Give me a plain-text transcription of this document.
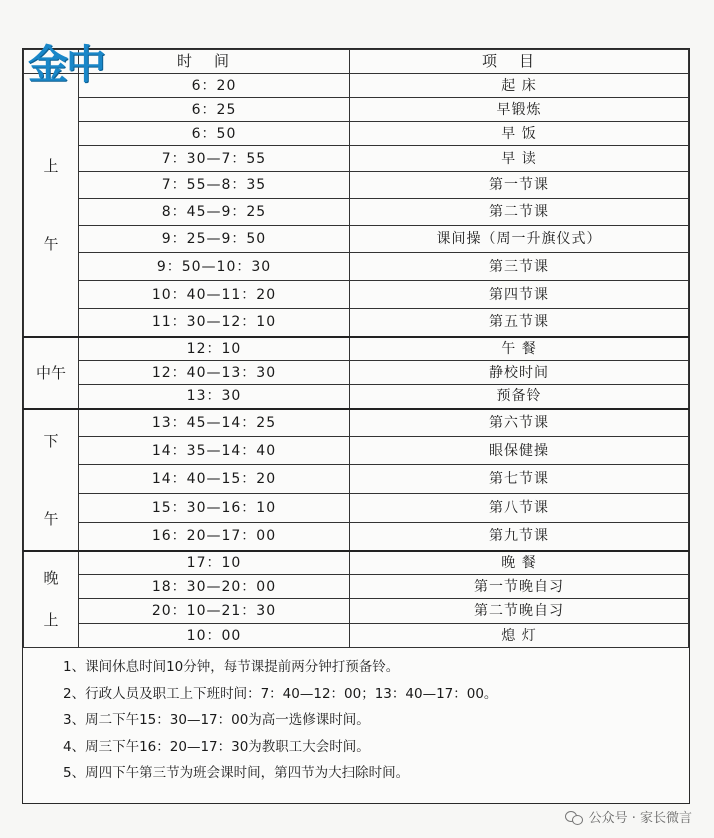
	时间	项目

上
午	6：20	起 床
	6：25	早锻炼
	6：50	早 饭
	7：30—7：55	早 读
	7：55—8：35	第一节课
	8：45—9：25	第二节课
	9：25—9：50	课间操（周一升旗仪式）
	9：50—10：30	第三节课
	10：40—11：20	第四节课
	11：30—12：10	第五节课
中午	12：10	午 餐
	12：40—13：30	静校时间
	13：30	预备铃

下
午	13：45—14：25	第六节课
	14：35—14：40	眼保健操
	14：40—15：20	第七节课
	15：30—16：10	第八节课
	16：20—17：00	第九节课

晚
上	17：10	晚 餐
	18：30—20：00	第一节晚自习
	20：10—21：30	第二节晚自习
	10：00	熄 灯
1、课间休息时间10分钟，每节课提前两分钟打预备铃。
2、行政人员及职工上下班时间：7：40—12：00；13：40—17：00。
3、周二下午15：30—17：00为高一选修课时间。
4、周三下午16：20—17：30为教职工大会时间。
5、周四下午第三节为班会课时间，第四节为大扫除时间。
金中
公众号 · 家长微言
